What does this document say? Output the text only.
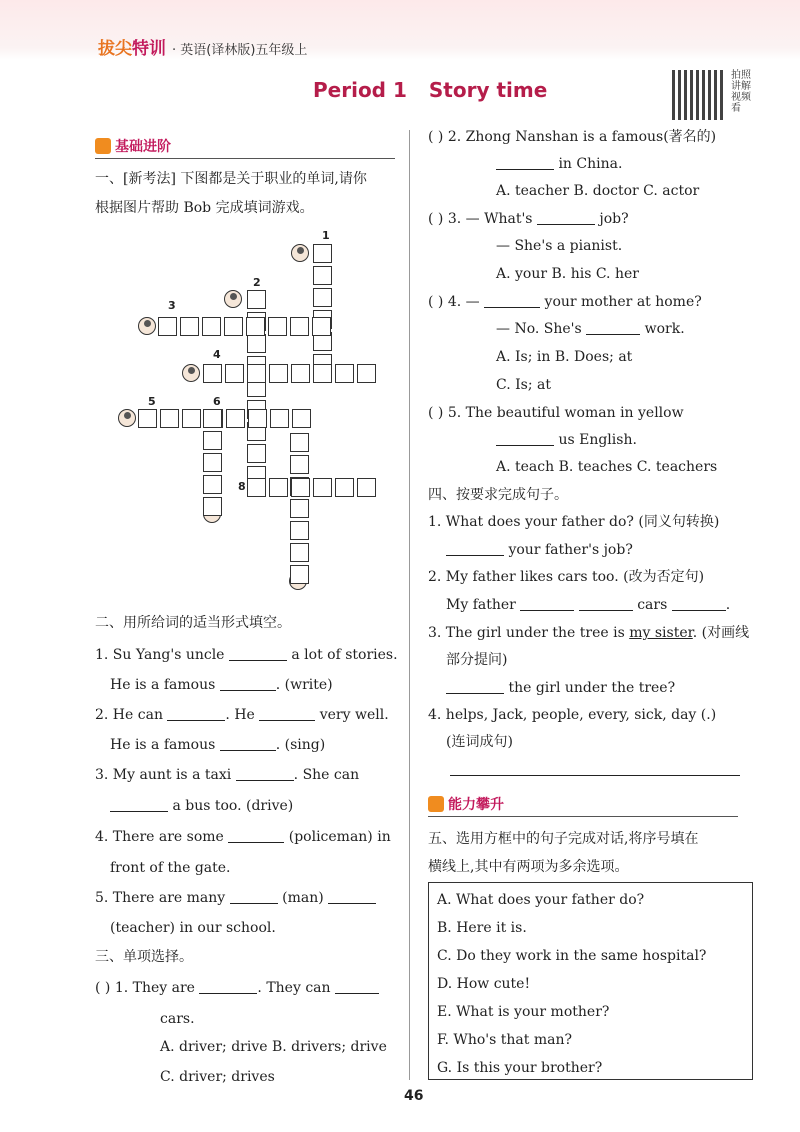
拔尖特训 · 英语(译林版)五年级上
Period 1 Story time
拍照讲解视频看
基础进阶
一、[新考法] 下图都是关于职业的单词,请你
根据图片帮助 Bob 完成填词游戏。
1
2
3
4
5	6
8
二、用所给词的适当形式填空。
1. Su Yang's uncle	a lot of stories.
He is a famous	. (write)
2. He can	. He	very well.
He is a famous	. (sing)
3. My aunt is a taxi	. She can
a bus too. (drive)
4. There are some	(policeman) in
front of the gate.
5. There are many	(man)
(teacher) in our school.
三、单项选择。
( ) 1. They are	. They can
cars.
A. driver; drive B. drivers; drive
C. driver; drives
( ) 2. Zhong Nanshan is a famous(著名的)
in China.
A. teacher B. doctor C. actor
( ) 3. — What's	job?
— She's a pianist.
A. your B. his C. her
( ) 4. —	your mother at home?
— No. She's	work.
A. Is; in B. Does; at
C. Is; at
( ) 5. The beautiful woman in yellow
us English.
A. teach B. teaches C. teachers
四、按要求完成句子。
1. What does your father do? (同义句转换)
your father's job?
2. My father likes cars too. (改为否定句)
My father	cars	.
3. The girl under the tree is my sister. (对画线
部分提问)
the girl under the tree?
4. helps, Jack, people, every, sick, day (.)
(连词成句)
能力攀升
五、选用方框中的句子完成对话,将序号填在
横线上,其中有两项为多余选项。
A. What does your father do?
B. Here it is.
C. Do they work in the same hospital?
D. How cute!
E. What is your mother?
F. Who's that man?
G. Is this your brother?
46
